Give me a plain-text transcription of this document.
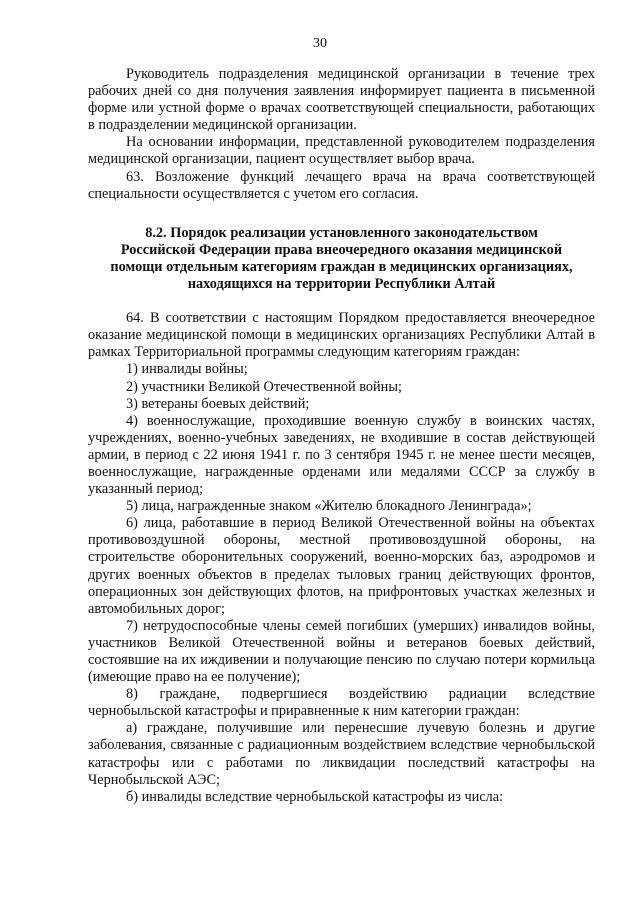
30

Руководитель подразделения медицинской организации в течение трех рабочих дней со дня получения заявления информирует пациента в письменной форме или устной форме о врачах соответствующей специальности, работающих в подразделении медицинской организации.

На основании информации, представленной руководителем подразделения медицинской организации, пациент осуществляет выбор врача.

63. Возложение функций лечащего врача на врача соответствующей специальности осуществляется с учетом его согласия.

8.2. Порядок реализации установленного законодательством
Российской Федерации права внеочередного оказания медицинской
помощи отдельным категориям граждан в медицинских организациях,
находящихся на территории Республики Алтай

64. В соответствии с настоящим Порядком предоставляется внеочередное оказание медицинской помощи в медицинских организациях Республики Алтай в рамках Территориальной программы следующим категориям граждан:

1) инвалиды войны;

2) участники Великой Отечественной войны;

3) ветераны боевых действий;

4) военнослужащие, проходившие военную службу в воинских частях, учреждениях, военно-учебных заведениях, не входившие в состав действующей армии, в период с 22 июня 1941 г. по 3 сентября 1945 г. не менее шести месяцев, военнослужащие, награжденные орденами или медалями СССР за службу в указанный период;

5) лица, награжденные знаком «Жителю блокадного Ленинграда»;

6) лица, работавшие в период Великой Отечественной войны на объектах противовоздушной обороны, местной противовоздушной обороны, на строительстве оборонительных сооружений, военно-морских баз, аэродромов и других военных объектов в пределах тыловых границ действующих фронтов, операционных зон действующих флотов, на прифронтовых участках железных и автомобильных дорог;

7) нетрудоспособные члены семей погибших (умерших) инвалидов войны, участников Великой Отечественной войны и ветеранов боевых действий, состоявшие на их иждивении и получающие пенсию по случаю потери кормильца (имеющие право на ее получение);

8) граждане, подвергшиеся воздействию радиации вследствие чернобыльской катастрофы и приравненные к ним категории граждан:

а) граждане, получившие или перенесшие лучевую болезнь и другие заболевания, связанные с радиационным воздействием вследствие чернобыльской катастрофы или с работами по ликвидации последствий катастрофы на Чернобыльской АЭС;

б) инвалиды вследствие чернобыльской катастрофы из числа:
